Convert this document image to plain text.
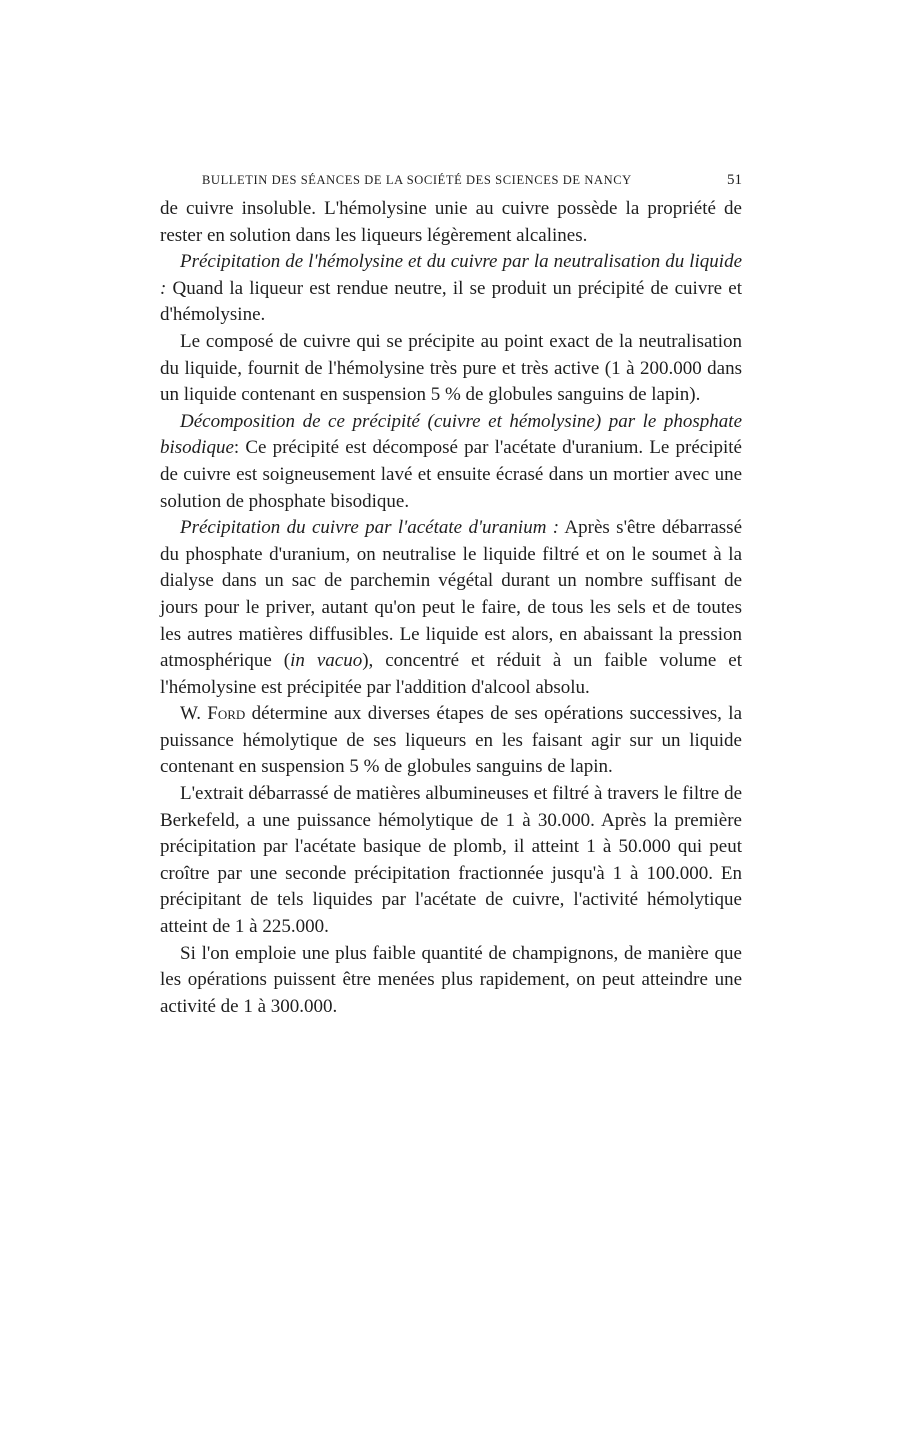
BULLETIN DES SÉANCES DE LA SOCIÉTÉ DES SCIENCES DE NANCY	51

de cuivre insoluble. L'hémolysine unie au cuivre possède la propriété de rester en solution dans les liqueurs légèrement alcalines.

Précipitation de l'hémolysine et du cuivre par la neutralisation du liquide : Quand la liqueur est rendue neutre, il se produit un précipité de cuivre et d'hémolysine.

Le composé de cuivre qui se précipite au point exact de la neutralisation du liquide, fournit de l'hémolysine très pure et très active (1 à 200.000 dans un liquide contenant en suspension 5 % de globules sanguins de lapin).

Décomposition de ce précipité (cuivre et hémolysine) par le phosphate bisodique: Ce précipité est décomposé par l'acétate d'uranium. Le précipité de cuivre est soigneusement lavé et ensuite écrasé dans un mortier avec une solution de phosphate bisodique.

Précipitation du cuivre par l'acétate d'uranium : Après s'être débarrassé du phosphate d'uranium, on neutralise le liquide filtré et on le soumet à la dialyse dans un sac de parchemin végétal durant un nombre suffisant de jours pour le priver, autant qu'on peut le faire, de tous les sels et de toutes les autres matières diffusibles. Le liquide est alors, en abaissant la pression atmosphérique (in vacuo), concentré et réduit à un faible volume et l'hémolysine est précipitée par l'addition d'alcool absolu.

W. Ford détermine aux diverses étapes de ses opérations successives, la puissance hémolytique de ses liqueurs en les faisant agir sur un liquide contenant en suspension 5 % de globules sanguins de lapin.

L'extrait débarrassé de matières albumineuses et filtré à travers le filtre de Berkefeld, a une puissance hémolytique de 1 à 30.000. Après la première précipitation par l'acétate basique de plomb, il atteint 1 à 50.000 qui peut croître par une seconde précipitation fractionnée jusqu'à 1 à 100.000. En précipitant de tels liquides par l'acétate de cuivre, l'activité hémolytique atteint de 1 à 225.000.

Si l'on emploie une plus faible quantité de champignons, de manière que les opérations puissent être menées plus rapidement, on peut atteindre une activité de 1 à 300.000.
